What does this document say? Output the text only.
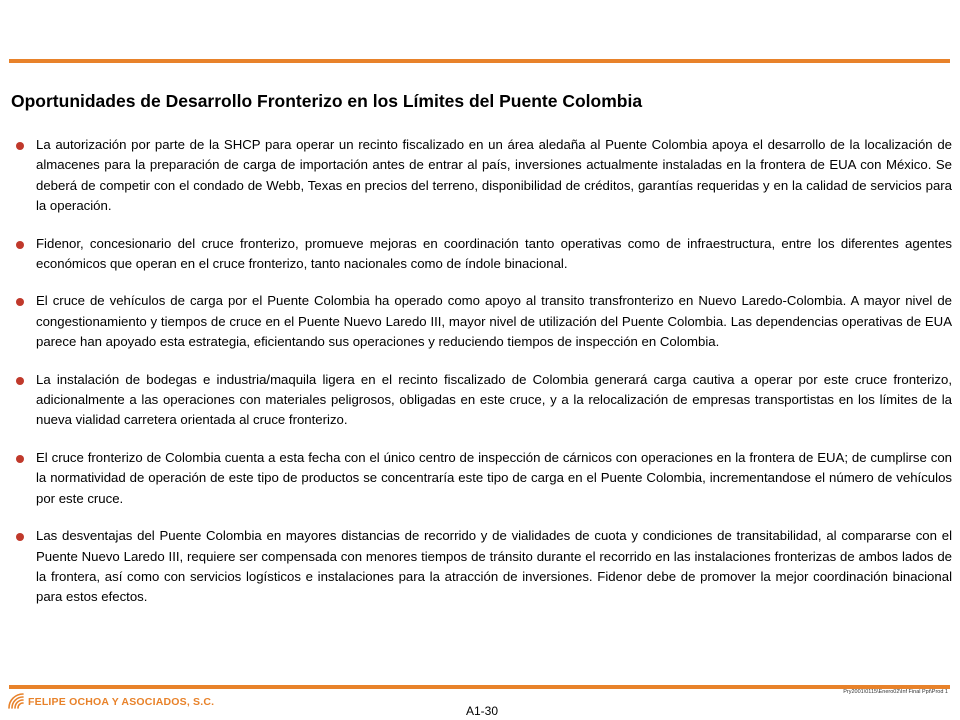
Oportunidades de Desarrollo Fronterizo en los Límites del Puente Colombia
La autorización por parte de la SHCP para operar un recinto fiscalizado en un área aledaña al Puente Colombia apoya el desarrollo de la localización de almacenes para la preparación de carga de importación antes de entrar al país, inversiones actualmente instaladas en la frontera de EUA con México. Se deberá de competir con el condado de Webb, Texas en precios del terreno, disponibilidad de créditos, garantías requeridas y en la calidad de servicios para la operación.
Fidenor, concesionario del cruce fronterizo, promueve mejoras en coordinación tanto operativas como de infraestructura, entre los diferentes agentes económicos que operan en el cruce fronterizo, tanto nacionales como de índole binacional.
El cruce de vehículos de carga por el Puente Colombia ha operado como apoyo al transito transfronterizo en Nuevo Laredo-Colombia. A mayor nivel de congestionamiento y tiempos de cruce en el Puente Nuevo Laredo III, mayor nivel de utilización del Puente Colombia. Las dependencias operativas de EUA parece han apoyado esta estrategia, eficientando sus operaciones y reduciendo tiempos de inspección en Colombia.
La instalación de bodegas e industria/maquila ligera en el recinto fiscalizado de Colombia generará carga cautiva a operar por este cruce fronterizo, adicionalmente a las operaciones con materiales peligrosos, obligadas en este cruce, y a la relocalización de empresas transportistas en los límites de la nueva vialidad carretera orientada al cruce fronterizo.
El cruce fronterizo de Colombia cuenta a esta fecha con el único centro de inspección de cárnicos con operaciones en la frontera de EUA; de cumplirse con la normatividad de operación de este tipo de productos se concentraría este tipo de carga en el Puente Colombia, incrementandose el número de vehículos por este cruce.
Las desventajas del Puente Colombia en mayores distancias de recorrido y de vialidades de cuota y condiciones de transitabilidad, al compararse con el Puente Nuevo Laredo III, requiere ser compensada con menores tiempos de tránsito durante el recorrido en las instalaciones fronterizas de ambos lados de la frontera, así como con servicios logísticos e instalaciones para la atracción de inversiones. Fidenor debe de promover la mejor coordinación binacional para estos efectos.
FELIPE OCHOA Y ASOCIADOS, S.C.
A1-30
Pry2001\0115\Enero02\Inf Final Ppt\Prod 1
